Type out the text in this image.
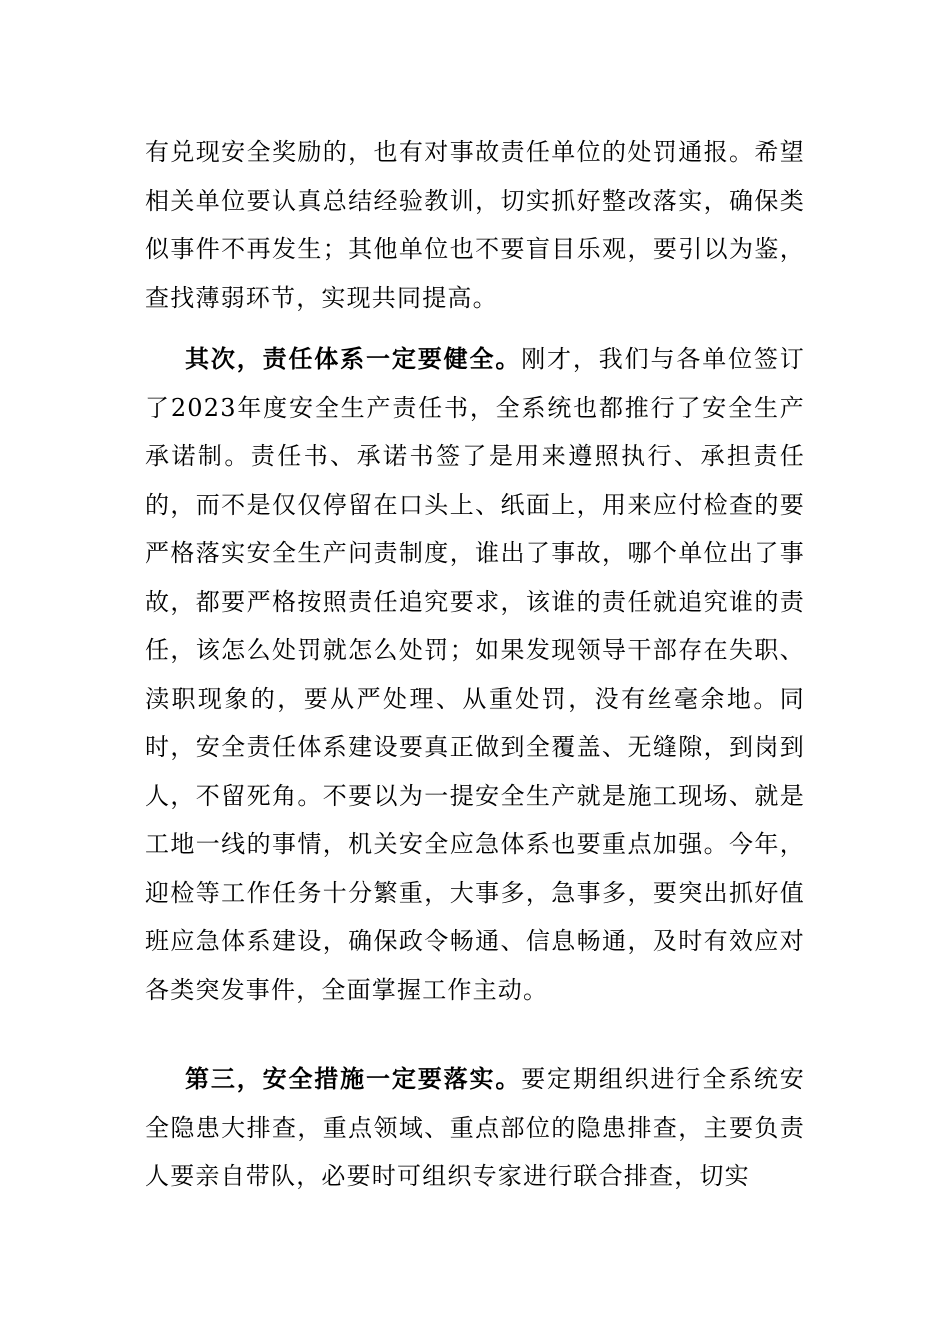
有兑现安全奖励的，也有对事故责任单位的处罚通报。希望相关单位要认真总结经验教训，切实抓好整改落实，确保类似事件不再发生；其他单位也不要盲目乐观，要引以为鉴，查找薄弱环节，实现共同提高。

其次，责任体系一定要健全。刚才，我们与各单位签订了2023年度安全生产责任书，全系统也都推行了安全生产承诺制。责任书、承诺书签了是用来遵照执行、承担责任的，而不是仅仅停留在口头上、纸面上，用来应付检查的要严格落实安全生产问责制度，谁出了事故，哪个单位出了事故，都要严格按照责任追究要求，该谁的责任就追究谁的责任，该怎么处罚就怎么处罚；如果发现领导干部存在失职、渎职现象的，要从严处理、从重处罚，没有丝毫余地。同时，安全责任体系建设要真正做到全覆盖、无缝隙，到岗到人，不留死角。不要以为一提安全生产就是施工现场、就是工地一线的事情，机关安全应急体系也要重点加强。今年，迎检等工作任务十分繁重，大事多，急事多，要突出抓好值班应急体系建设，确保政令畅通、信息畅通，及时有效应对各类突发事件，全面掌握工作主动。

第三，安全措施一定要落实。要定期组织进行全系统安全隐患大排查，重点领域、重点部位的隐患排查，主要负责人要亲自带队，必要时可组织专家进行联合排查，切实
